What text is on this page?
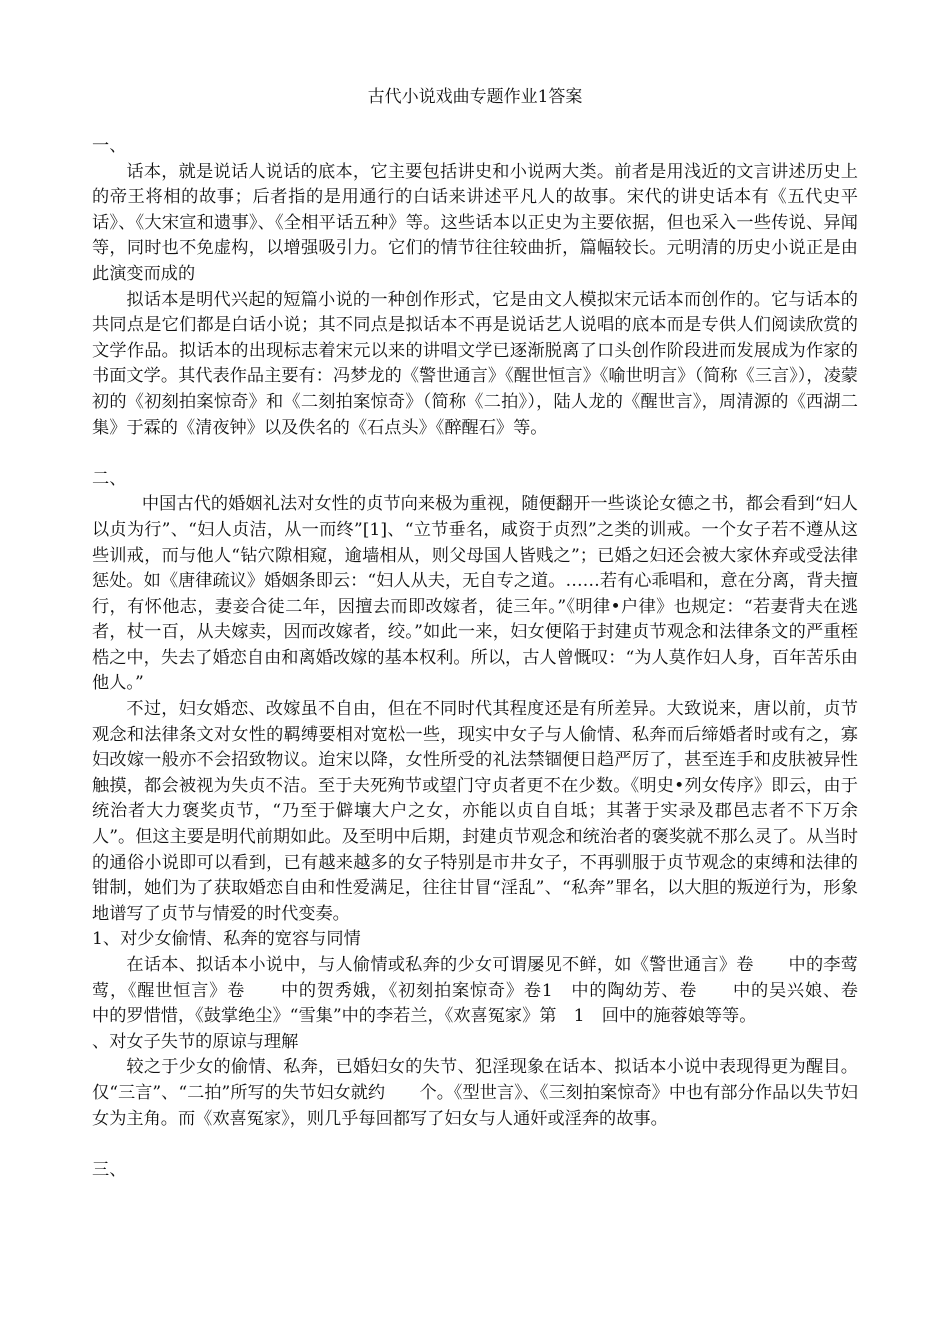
古代小说戏曲专题作业1答案

一、

话本，就是说话人说话的底本，它主要包括讲史和小说两大类。前者是用浅近的文言讲述历史上的帝王将相的故事；后者指的是用通行的白话来讲述平凡人的故事。宋代的讲史话本有《五代史平话》、《大宋宣和遗事》、《全相平话五种》等。这些话本以正史为主要依据，但也采入一些传说、异闻等，同时也不免虚构，以增强吸引力。它们的情节往往较曲折，篇幅较长。元明清的历史小说正是由此演变而成的

拟话本是明代兴起的短篇小说的一种创作形式，它是由文人模拟宋元话本而创作的。它与话本的共同点是它们都是白话小说；其不同点是拟话本不再是说话艺人说唱的底本而是专供人们阅读欣赏的文学作品。拟话本的出现标志着宋元以来的讲唱文学已逐渐脱离了口头创作阶段进而发展成为作家的书面文学。其代表作品主要有：冯梦龙的《警世通言》《醒世恒言》《喻世明言》（简称《三言》），凌蒙初的《初刻拍案惊奇》和《二刻拍案惊奇》（简称《二拍》），陆人龙的《醒世言》，周清源的《西湖二集》于霖的《清夜钟》以及佚名的《石点头》《醉醒石》等。

二、

中国古代的婚姻礼法对女性的贞节向来极为重视，随便翻开一些谈论女德之书，都会看到“妇人以贞为行”、“妇人贞洁，从一而终”[1]、“立节垂名，咸资于贞烈”之类的训戒。一个女子若不遵从这些训戒，而与他人“钻穴隙相窥，逾墙相从，则父母国人皆贱之”；已婚之妇还会被大家休弃或受法律惩处。如《唐律疏议》婚姻条即云：“妇人从夫，无自专之道。……若有心乖唱和，意在分离，背夫擅行，有怀他志，妻妾合徒二年，因擅去而即改嫁者，徒三年。”《明律•户律》也规定：“若妻背夫在逃者，杖一百，从夫嫁卖，因而改嫁者，绞。”如此一来，妇女便陷于封建贞节观念和法律条文的严重桎梏之中，失去了婚恋自由和离婚改嫁的基本权利。所以，古人曾慨叹：“为人莫作妇人身，百年苦乐由他人。”

不过，妇女婚恋、改嫁虽不自由，但在不同时代其程度还是有所差异。大致说来，唐以前，贞节观念和法律条文对女性的羁缚要相对宽松一些，现实中女子与人偷情、私奔而后缔婚者时或有之，寡妇改嫁一般亦不会招致物议。迨宋以降，女性所受的礼法禁锢便日趋严厉了，甚至连手和皮肤被异性触摸，都会被视为失贞不洁。至于夫死殉节或望门守贞者更不在少数。《明史•列女传序》即云，由于统治者大力褒奖贞节，“乃至于僻壤大户之女，亦能以贞自自坻；其著于实录及郡邑志者不下万余人”。但这主要是明代前期如此。及至明中后期，封建贞节观念和统治者的褒奖就不那么灵了。从当时的通俗小说即可以看到，已有越来越多的女子特别是市井女子，不再驯服于贞节观念的束缚和法律的钳制，她们为了获取婚恋自由和性爱满足，往往甘冒“淫乱”、“私奔”罪名，以大胆的叛逆行为，形象地谱写了贞节与情爱的时代变奏。

1、对少女偷情、私奔的宽容与同情

在话本、拟话本小说中，与人偷情或私奔的少女可谓屡见不鲜，如《警世通言》卷　　中的李莺莺，《醒世恒言》卷　　中的贺秀娥，《初刻拍案惊奇》卷1　中的陶幼芳、卷　　中的吴兴娘、卷　　中的罗惜惜，《鼓掌绝尘》“雪集”中的李若兰，《欢喜冤家》第　1　回中的施蓉娘等等。

、对女子失节的原谅与理解

较之于少女的偷情、私奔，已婚妇女的失节、犯淫现象在话本、拟话本小说中表现得更为醒目。仅“三言”、“二拍”所写的失节妇女就约　　个。《型世言》、《三刻拍案惊奇》中也有部分作品以失节妇女为主角。而《欢喜冤家》，则几乎每回都写了妇女与人通奸或淫奔的故事。

三、
